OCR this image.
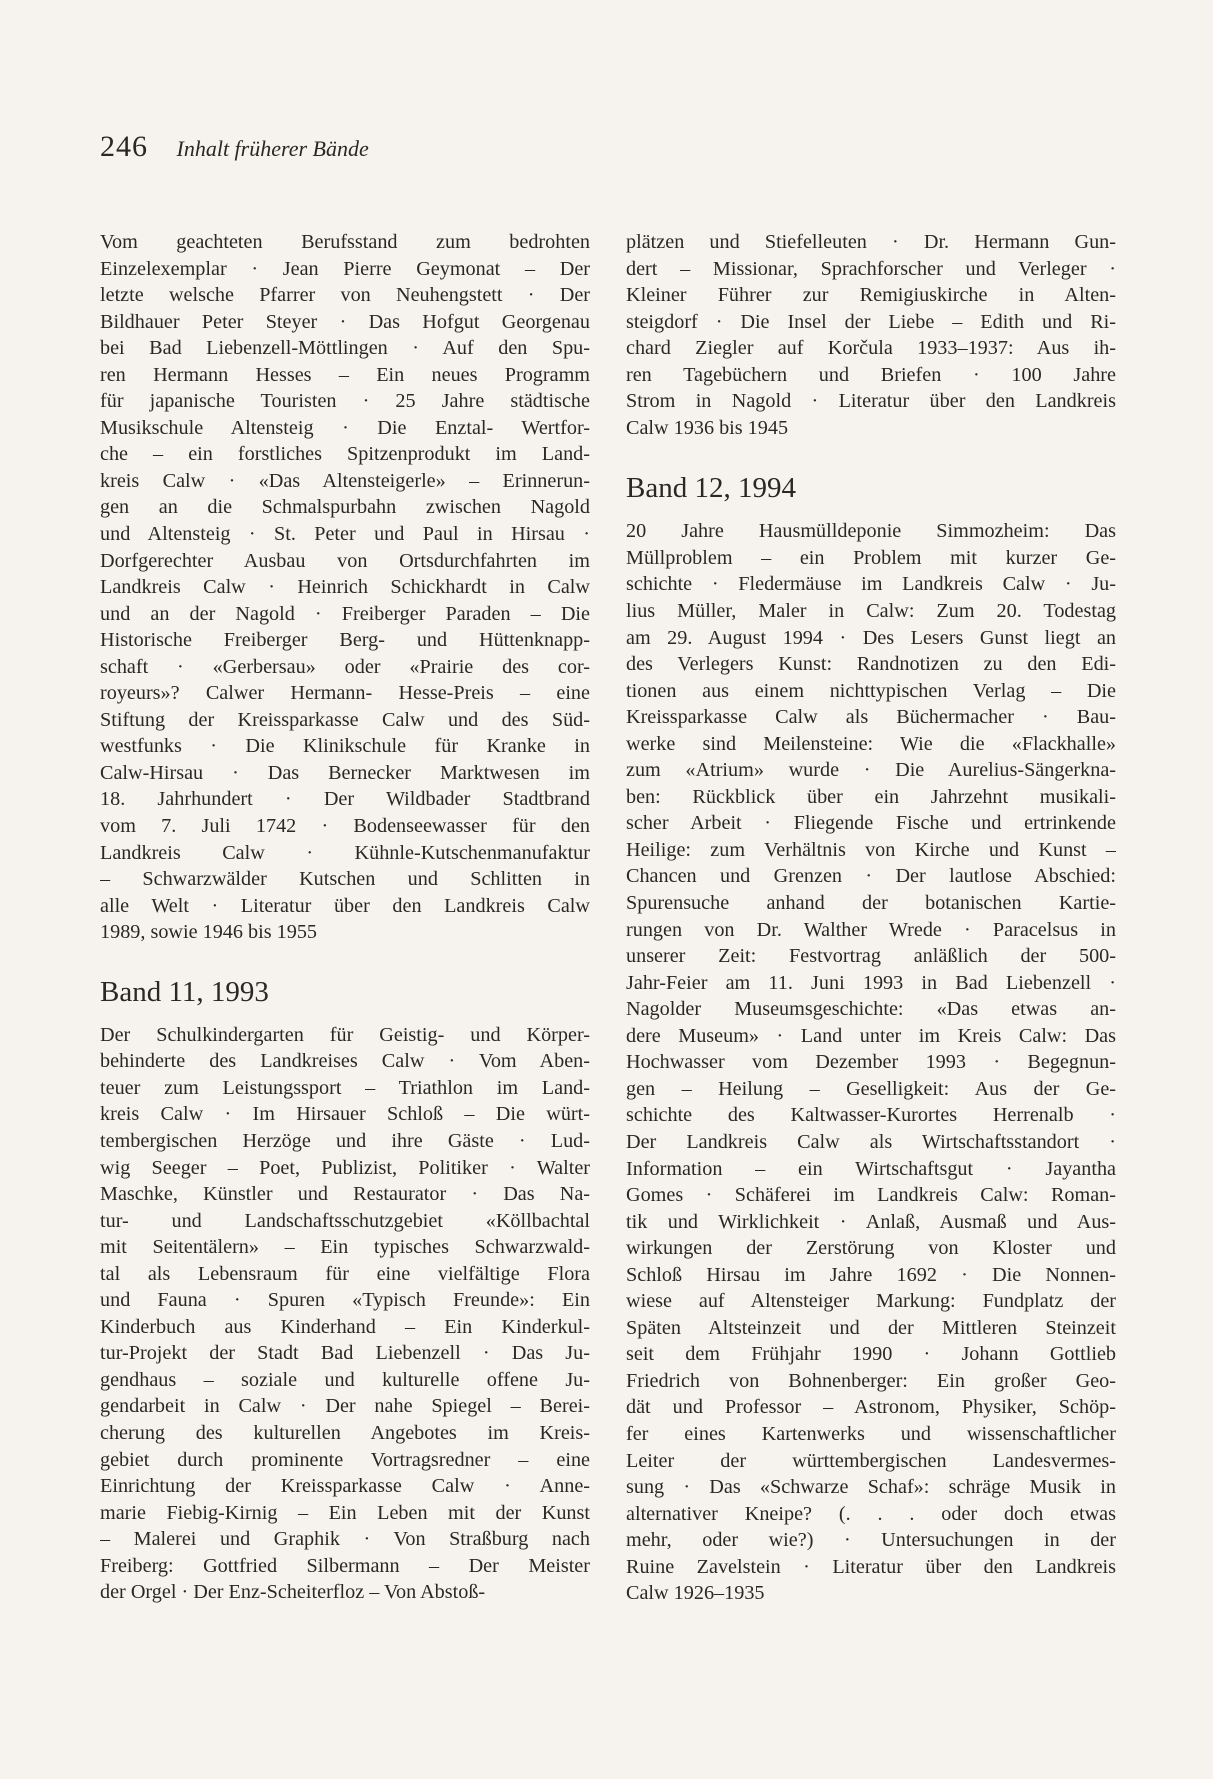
246 Inhalt früherer Bände
Vom geachteten Berufsstand zum bedrohten
Einzelexemplar · Jean Pierre Geymonat – Der
letzte welsche Pfarrer von Neuhengstett · Der
Bildhauer Peter Steyer · Das Hofgut Georgenau
bei Bad Liebenzell-Möttlingen · Auf den Spu-
ren Hermann Hesses – Ein neues Programm
für japanische Touristen · 25 Jahre städtische
Musikschule Altensteig · Die Enztal- Wertfor-
che – ein forstliches Spitzenprodukt im Land-
kreis Calw · «Das Altensteigerle» – Erinnerun-
gen an die Schmalspurbahn zwischen Nagold
und Altensteig · St. Peter und Paul in Hirsau ·
Dorfgerechter Ausbau von Ortsdurchfahrten im
Landkreis Calw · Heinrich Schickhardt in Calw
und an der Nagold · Freiberger Paraden – Die
Historische Freiberger Berg- und Hüttenknapp-
schaft · «Gerbersau» oder «Prairie des cor-
royeurs»? Calwer Hermann- Hesse-Preis – eine
Stiftung der Kreissparkasse Calw und des Süd-
westfunks · Die Klinikschule für Kranke in
Calw-Hirsau · Das Bernecker Marktwesen im
18. Jahrhundert · Der Wildbader Stadtbrand
vom 7. Juli 1742 · Bodenseewasser für den
Landkreis Calw · Kühnle-Kutschenmanufaktur
– Schwarzwälder Kutschen und Schlitten in
alle Welt · Literatur über den Landkreis Calw
1989, sowie 1946 bis 1955
Band 11, 1993
Der Schulkindergarten für Geistig- und Körper-
behinderte des Landkreises Calw · Vom Aben-
teuer zum Leistungssport – Triathlon im Land-
kreis Calw · Im Hirsauer Schloß – Die würt-
tembergischen Herzöge und ihre Gäste · Lud-
wig Seeger – Poet, Publizist, Politiker · Walter
Maschke, Künstler und Restaurator · Das Na-
tur- und Landschaftsschutzgebiet «Köllbachtal
mit Seitentälern» – Ein typisches Schwarzwald-
tal als Lebensraum für eine vielfältige Flora
und Fauna · Spuren «Typisch Freunde»: Ein
Kinderbuch aus Kinderhand – Ein Kinderkul-
tur-Projekt der Stadt Bad Liebenzell · Das Ju-
gendhaus – soziale und kulturelle offene Ju-
gendarbeit in Calw · Der nahe Spiegel – Berei-
cherung des kulturellen Angebotes im Kreis-
gebiet durch prominente Vortragsredner – eine
Einrichtung der Kreissparkasse Calw · Anne-
marie Fiebig-Kirnig – Ein Leben mit der Kunst
– Malerei und Graphik · Von Straßburg nach
Freiberg: Gottfried Silbermann – Der Meister
der Orgel · Der Enz-Scheiterfloz – Von Abstoß-
plätzen und Stiefelleuten · Dr. Hermann Gun-
dert – Missionar, Sprachforscher und Verleger ·
Kleiner Führer zur Remigiuskirche in Alten-
steigdorf · Die Insel der Liebe – Edith und Ri-
chard Ziegler auf Korčula 1933–1937: Aus ih-
ren Tagebüchern und Briefen · 100 Jahre
Strom in Nagold · Literatur über den Landkreis
Calw 1936 bis 1945
Band 12, 1994
20 Jahre Hausmülldeponie Simmozheim: Das
Müllproblem – ein Problem mit kurzer Ge-
schichte · Fledermäuse im Landkreis Calw · Ju-
lius Müller, Maler in Calw: Zum 20. Todestag
am 29. August 1994 · Des Lesers Gunst liegt an
des Verlegers Kunst: Randnotizen zu den Edi-
tionen aus einem nichttypischen Verlag – Die
Kreissparkasse Calw als Büchermacher · Bau-
werke sind Meilensteine: Wie die «Flackhalle»
zum «Atrium» wurde · Die Aurelius-Sängerkna-
ben: Rückblick über ein Jahrzehnt musikali-
scher Arbeit · Fliegende Fische und ertrinkende
Heilige: zum Verhältnis von Kirche und Kunst –
Chancen und Grenzen · Der lautlose Abschied:
Spurensuche anhand der botanischen Kartie-
rungen von Dr. Walther Wrede · Paracelsus in
unserer Zeit: Festvortrag anläßlich der 500-
Jahr-Feier am 11. Juni 1993 in Bad Liebenzell ·
Nagolder Museumsgeschichte: «Das etwas an-
dere Museum» · Land unter im Kreis Calw: Das
Hochwasser vom Dezember 1993 · Begegnun-
gen – Heilung – Geselligkeit: Aus der Ge-
schichte des Kaltwasser-Kurortes Herrenalb ·
Der Landkreis Calw als Wirtschaftsstandort ·
Information – ein Wirtschaftsgut · Jayantha
Gomes · Schäferei im Landkreis Calw: Roman-
tik und Wirklichkeit · Anlaß, Ausmaß und Aus-
wirkungen der Zerstörung von Kloster und
Schloß Hirsau im Jahre 1692 · Die Nonnen-
wiese auf Altensteiger Markung: Fundplatz der
Späten Altsteinzeit und der Mittleren Steinzeit
seit dem Frühjahr 1990 · Johann Gottlieb
Friedrich von Bohnenberger: Ein großer Geo-
dät und Professor – Astronom, Physiker, Schöp-
fer eines Kartenwerks und wissenschaftlicher
Leiter der württembergischen Landesvermes-
sung · Das «Schwarze Schaf»: schräge Musik in
alternativer Kneipe? (. . . oder doch etwas
mehr, oder wie?) · Untersuchungen in der
Ruine Zavelstein · Literatur über den Landkreis
Calw 1926–1935
